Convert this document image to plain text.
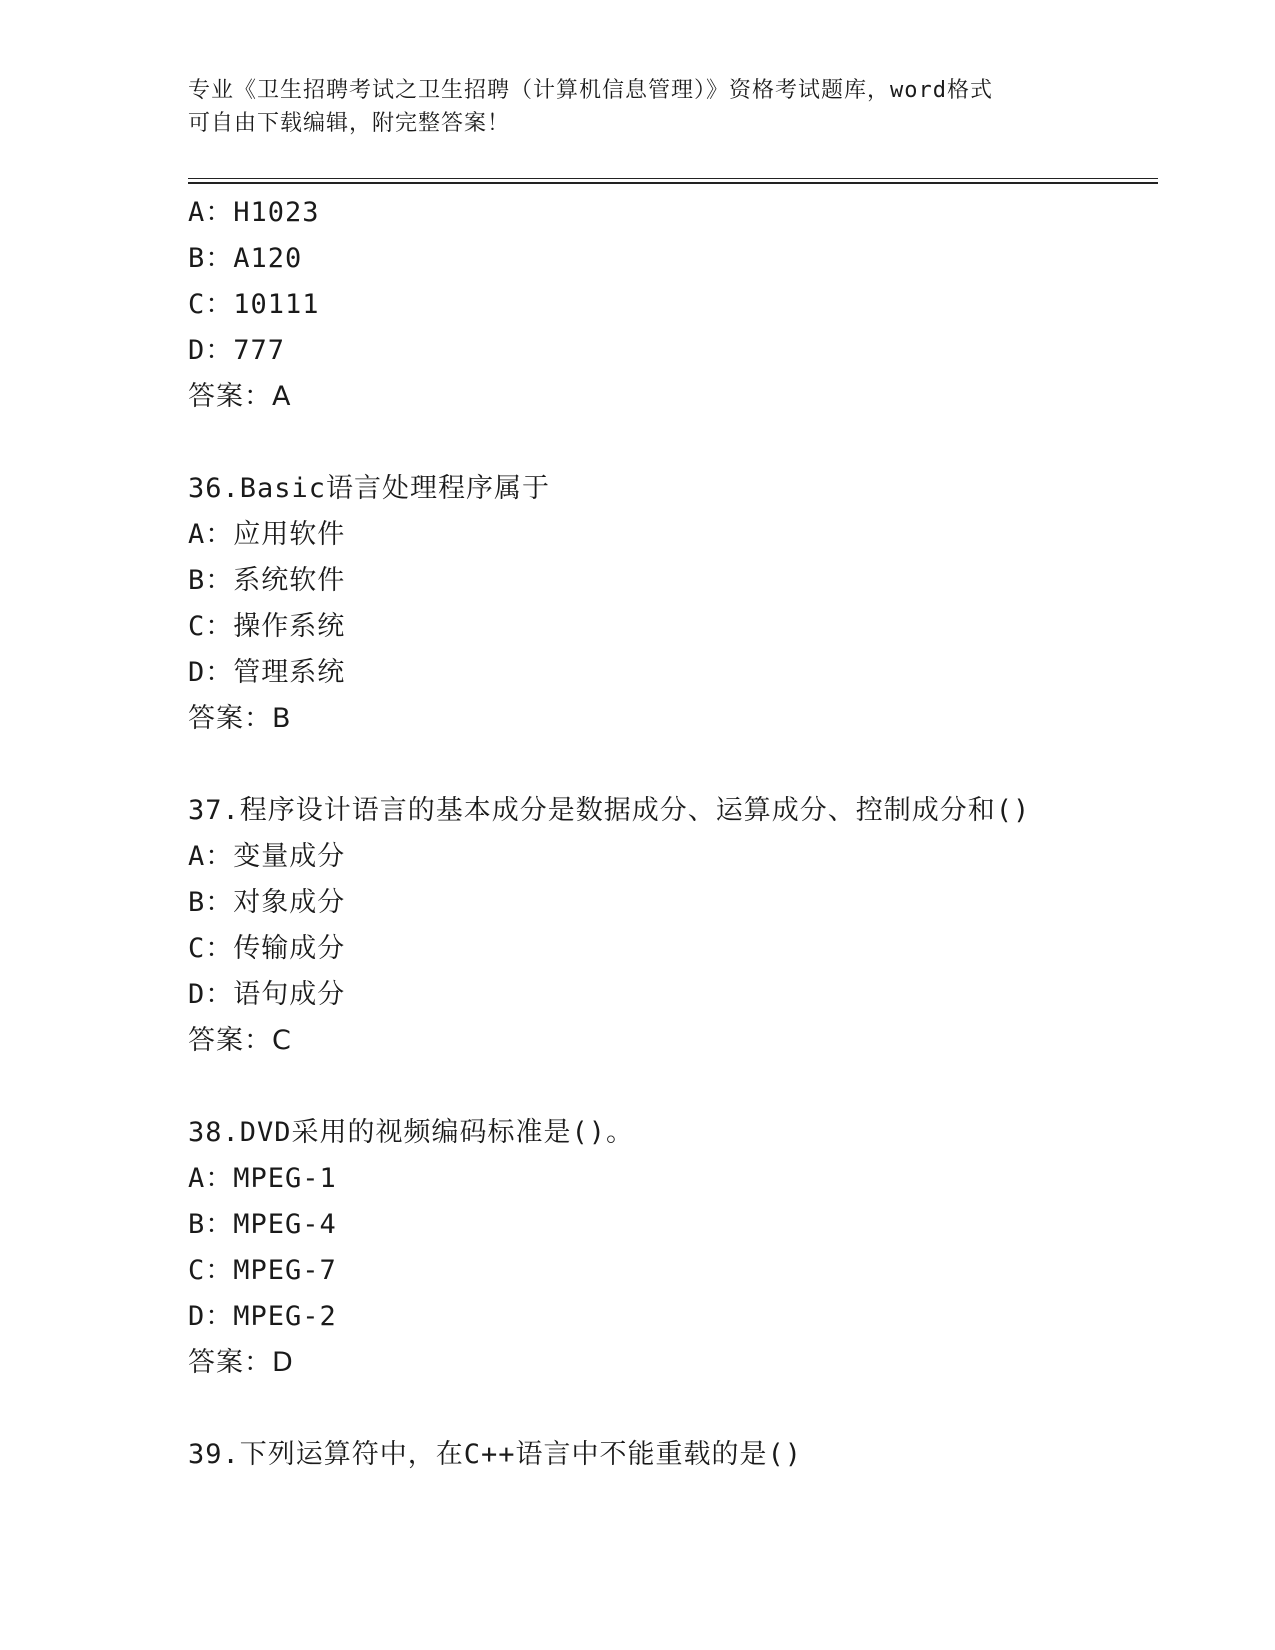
专业《卫生招聘考试之卫生招聘（计算机信息管理）》资格考试题库，word格式
可自由下载编辑，附完整答案！
A：H1023
B：A120
C：10111
D：777
答案：A
36.Basic语言处理程序属于
A：应用软件
B：系统软件
C：操作系统
D：管理系统
答案：B
37.程序设计语言的基本成分是数据成分、运算成分、控制成分和()
A：变量成分
B：对象成分
C：传输成分
D：语句成分
答案：C
38.DVD采用的视频编码标准是()。
A：MPEG-1
B：MPEG-4
C：MPEG-7
D：MPEG-2
答案：D
39.下列运算符中，在C++语言中不能重载的是()
